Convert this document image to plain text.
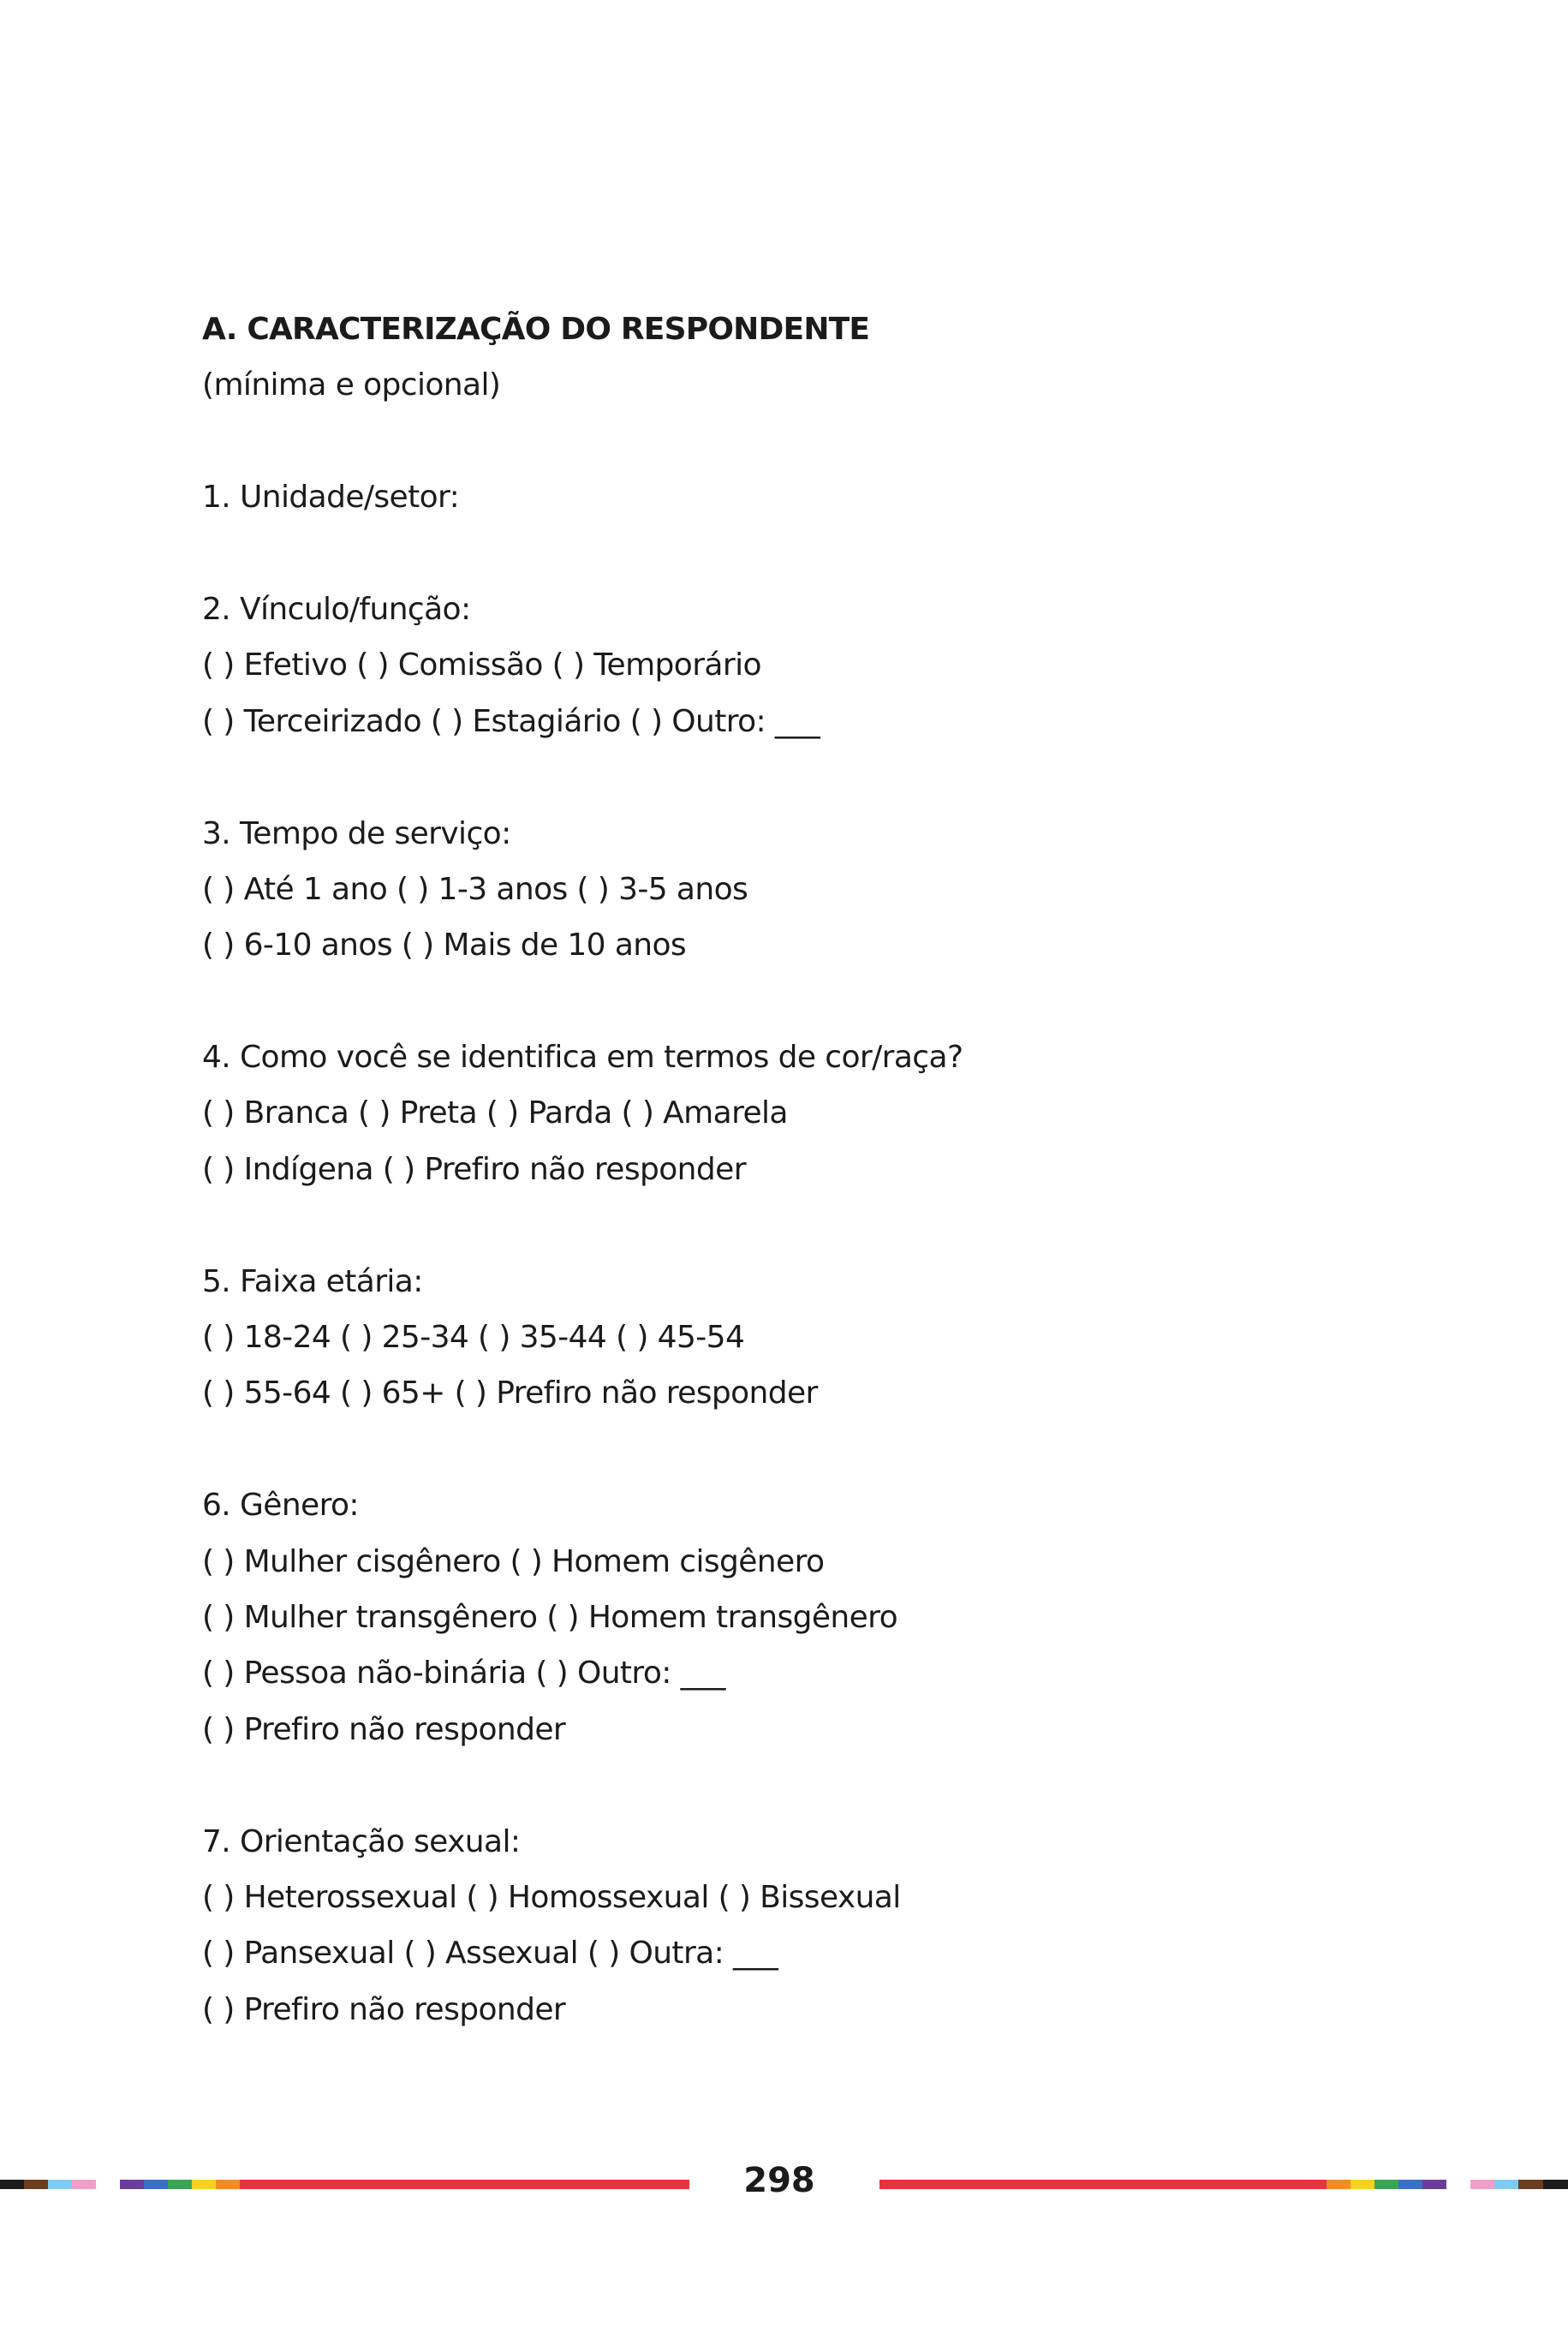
A. CARACTERIZAÇÃO DO RESPONDENTE
(mínima e opcional)
1. Unidade/setor:
2. Vínculo/função:
( ) Efetivo ( ) Comissão ( ) Temporário
( ) Terceirizado ( ) Estagiário ( ) Outro: ___
3. Tempo de serviço:
( ) Até 1 ano ( ) 1-3 anos ( ) 3-5 anos
( ) 6-10 anos ( ) Mais de 10 anos
4. Como você se identifica em termos de cor/raça?
( ) Branca ( ) Preta ( ) Parda ( ) Amarela
( ) Indígena ( ) Prefiro não responder
5. Faixa etária:
( ) 18-24 ( ) 25-34 ( ) 35-44 ( ) 45-54
( ) 55-64 ( ) 65+ ( ) Prefiro não responder
6. Gênero:
( ) Mulher cisgênero ( ) Homem cisgênero
( ) Mulher transgênero ( ) Homem transgênero
( ) Pessoa não-binária ( ) Outro: ___
( ) Prefiro não responder
7. Orientação sexual:
( ) Heterossexual ( ) Homossexual ( ) Bissexual
( ) Pansexual ( ) Assexual ( ) Outra: ___
( ) Prefiro não responder
298
